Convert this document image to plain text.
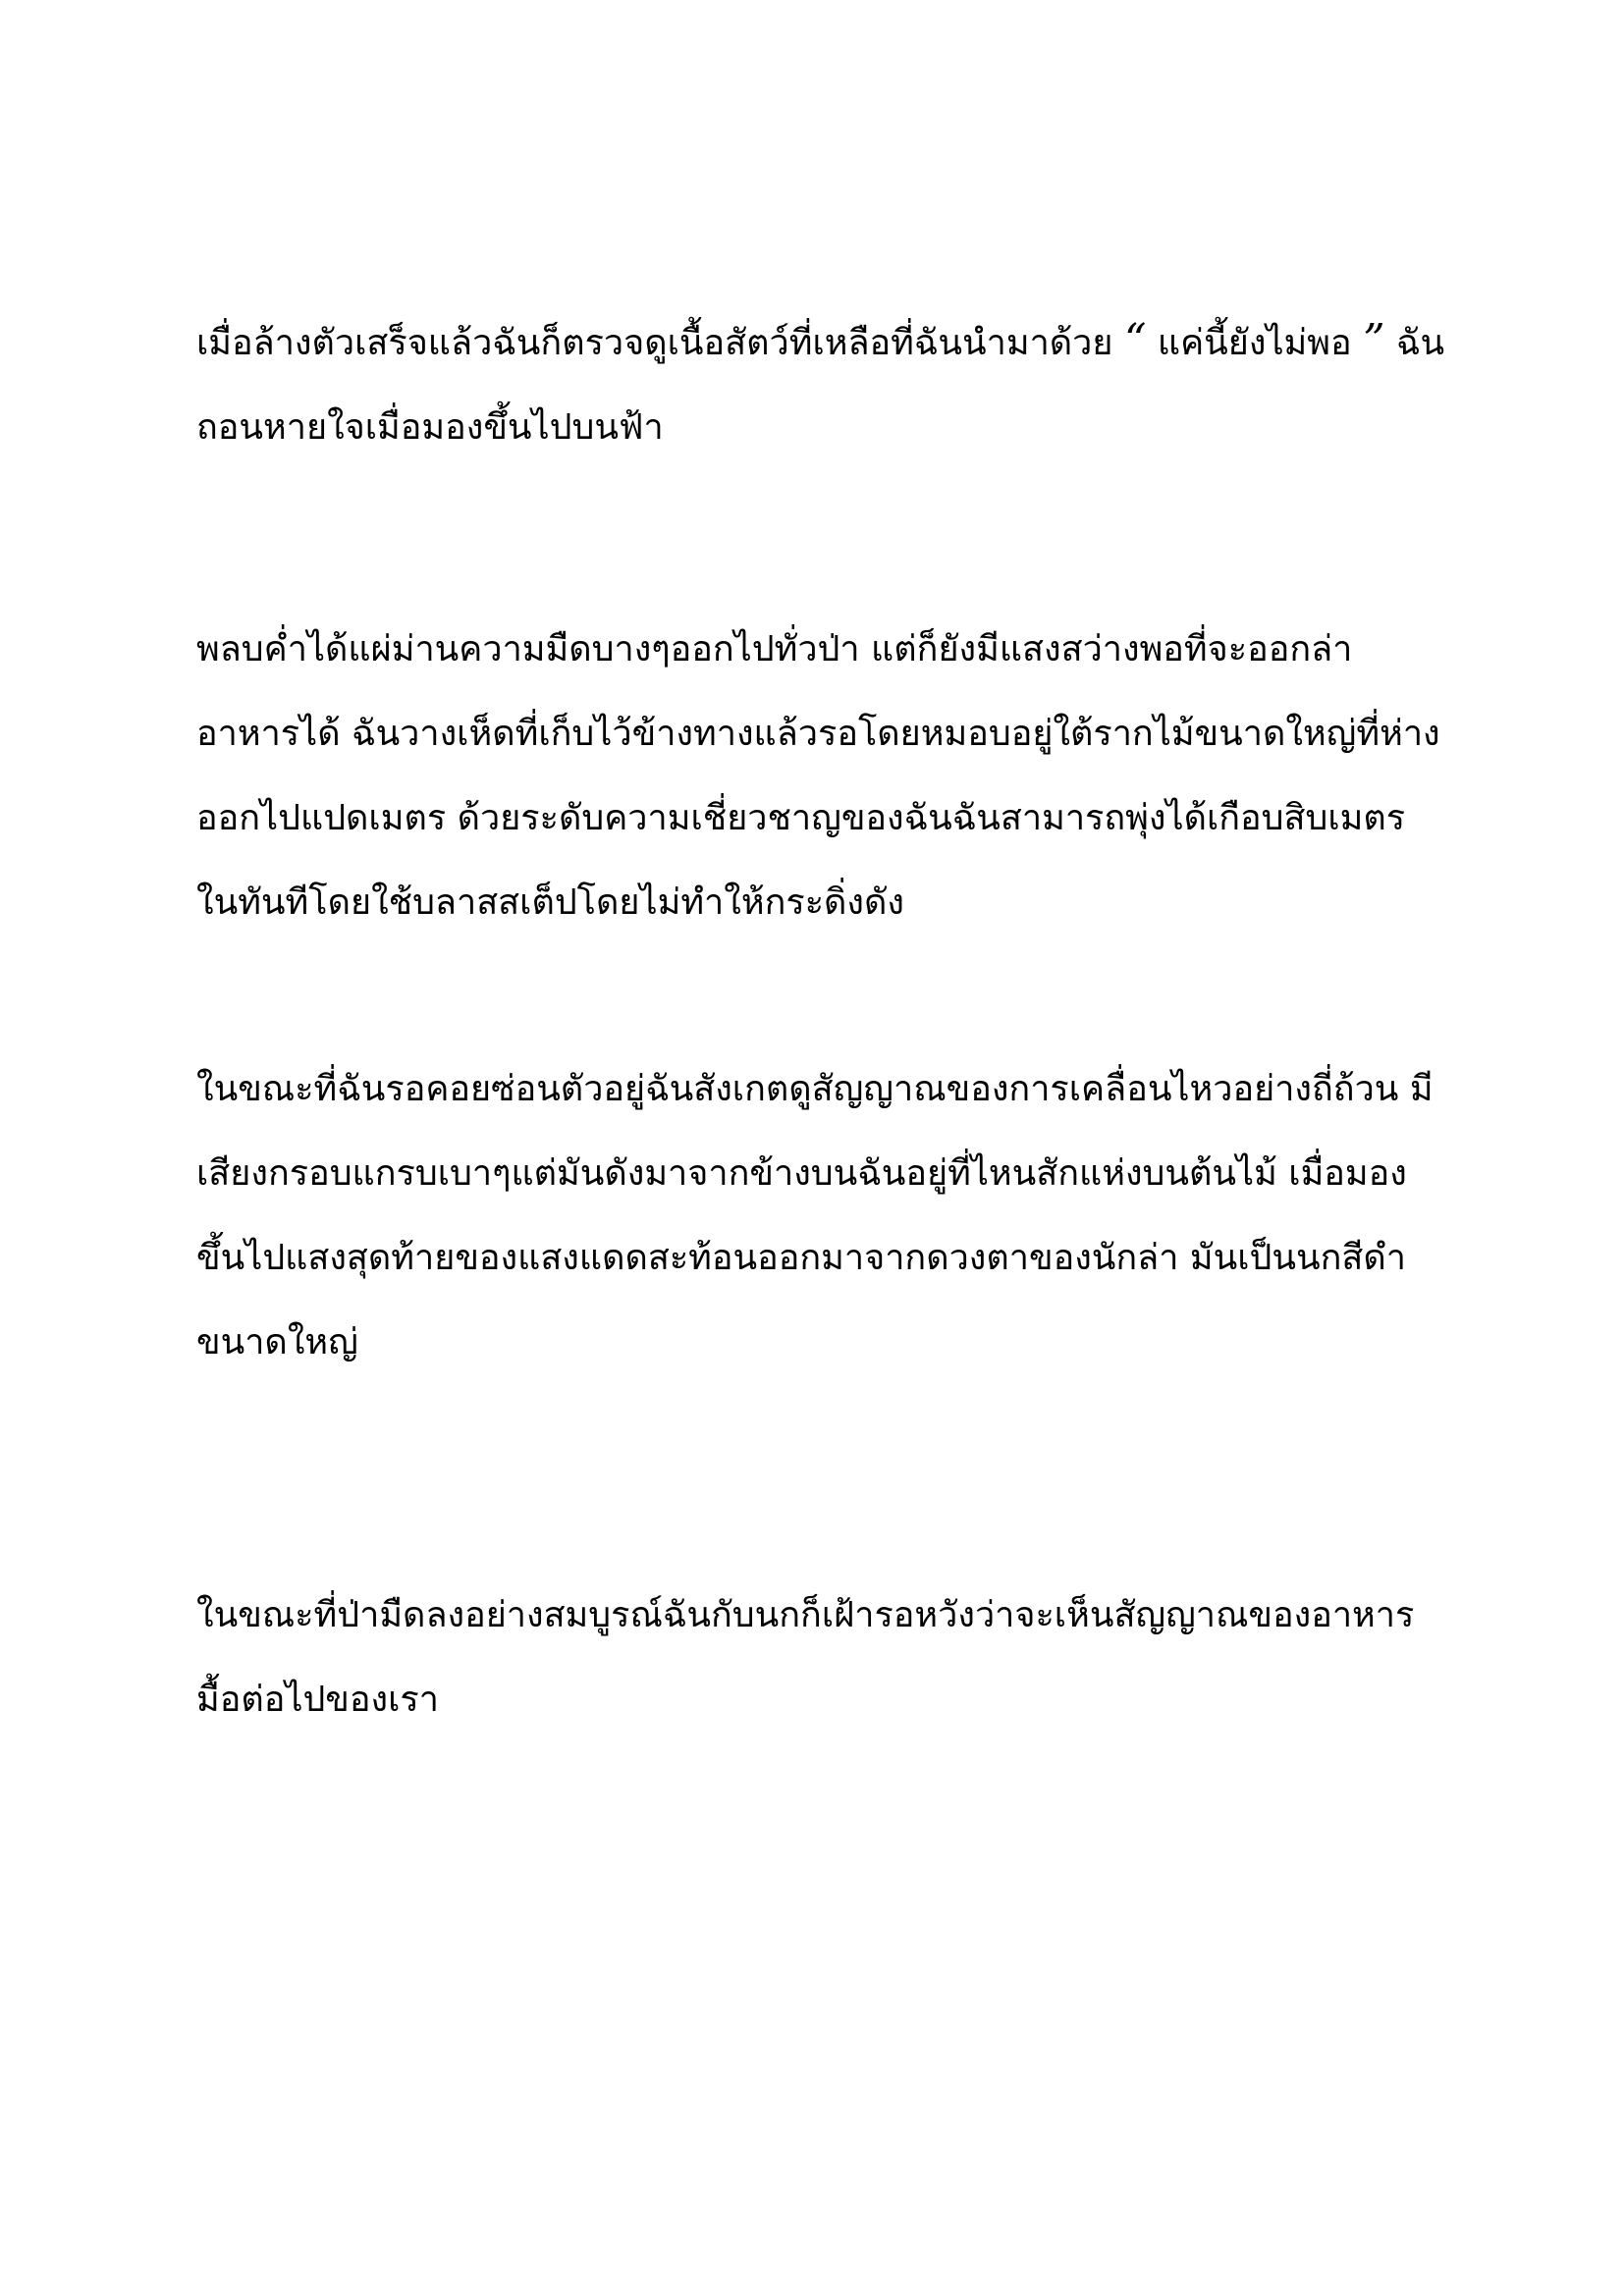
เมื่อล้างตัวเสร็จแล้วฉันก็ตรวจดูเนื้อสัตว์ที่เหลือที่ฉันนำมาด้วย “ แค่นี้ยังไม่พอ ” ฉัน
ถอนหายใจเมื่อมองขึ้นไปบนฟ้า

พลบค่ำได้แผ่ม่านความมืดบางๆออกไปทั่วป่า แต่ก็ยังมีแสงสว่างพอที่จะออกล่า
อาหารได้ ฉันวางเห็ดที่เก็บไว้ข้างทางแล้วรอโดยหมอบอยู่ใต้รากไม้ขนาดใหญ่ที่ห่าง
ออกไปแปดเมตร ด้วยระดับความเชี่ยวชาญของฉันฉันสามารถพุ่งได้เกือบสิบเมตร
ในทันทีโดยใช้บลาสสเต็ปโดยไม่ทำให้กระดิ่งดัง

ในขณะที่ฉันรอคอยซ่อนตัวอยู่ฉันสังเกตดูสัญญาณของการเคลื่อนไหวอย่างถี่ถ้วน มี
เสียงกรอบแกรบเบาๆแต่มันดังมาจากข้างบนฉันอยู่ที่ไหนสักแห่งบนต้นไม้ เมื่อมอง
ขึ้นไปแสงสุดท้ายของแสงแดดสะท้อนออกมาจากดวงตาของนักล่า มันเป็นนกสีดำ
ขนาดใหญ่

ในขณะที่ป่ามืดลงอย่างสมบูรณ์ฉันกับนกก็เฝ้ารอหวังว่าจะเห็นสัญญาณของอาหาร
มื้อต่อไปของเรา
